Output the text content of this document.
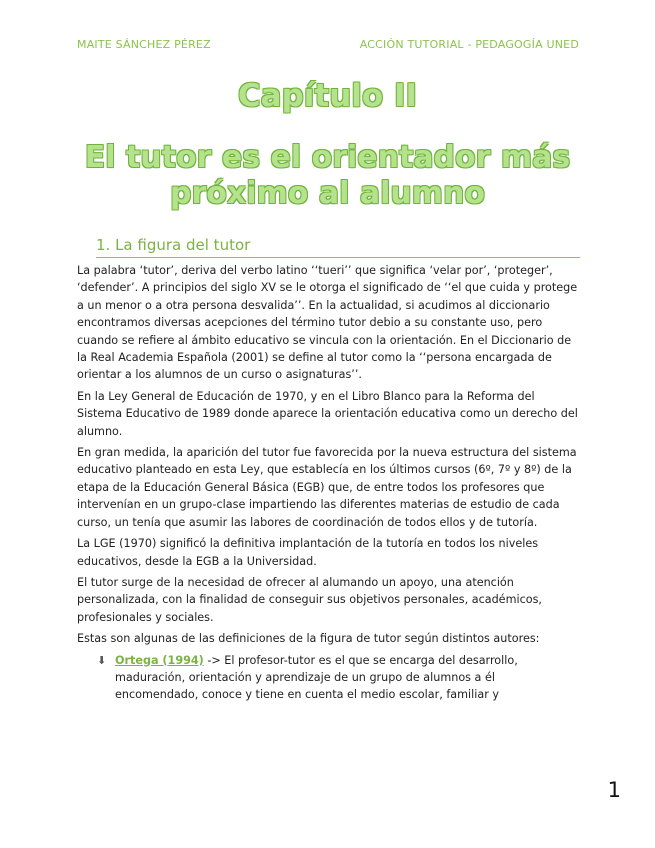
MAITE SÁNCHEZ PÉREZ	ACCIÓN TUTORIAL - PEDAGOGÍA UNED
Capítulo II
El tutor es el orientador más
próximo al alumno
1. La figura del tutor

La palabra ‘tutor’, deriva del verbo latino ‘‘tueri’’ que significa ‘velar por’, ‘proteger’, ‘defender’. A principios del siglo XV se le otorga el significado de ‘‘el que cuida y protege a un menor o a otra persona desvalida’’. En la actualidad, si acudimos al diccionario encontramos diversas acepciones del término tutor debio a su constante uso, pero cuando se refiere al ámbito educativo se vincula con la orientación. En el Diccionario de la Real Academia Española (2001) se define al tutor como la ‘‘persona encargada de orientar a los alumnos de un curso o asignaturas’’.

En la Ley General de Educación de 1970, y en el Libro Blanco para la Reforma del Sistema Educativo de 1989 donde aparece la orientación educativa como un derecho del alumno.

En gran medida, la aparición del tutor fue favorecida por la nueva estructura del sistema educativo planteado en esta Ley, que establecía en los últimos cursos (6º, 7º y 8º) de la etapa de la Educación General Básica (EGB) que, de entre todos los profesores que intervenían en un grupo-clase impartiendo las diferentes materias de estudio de cada curso, un tenía que asumir las labores de coordinación de todos ellos y de tutoría.

La LGE (1970) significó la definitiva implantación de la tutoría en todos los niveles educativos, desde la EGB a la Universidad.

El tutor surge de la necesidad de ofrecer al alumando un apoyo, una atención personalizada, con la finalidad de conseguir sus objetivos personales, académicos, profesionales y sociales.

Estas son algunas de las definiciones de la figura de tutor según distintos autores:

⬇︎ Ortega (1994) -> El profesor-tutor es el que se encarga del desarrollo, maduración, orientación y aprendizaje de un grupo de alumnos a él encomendado, conoce y tiene en cuenta el medio escolar, familiar y
1
